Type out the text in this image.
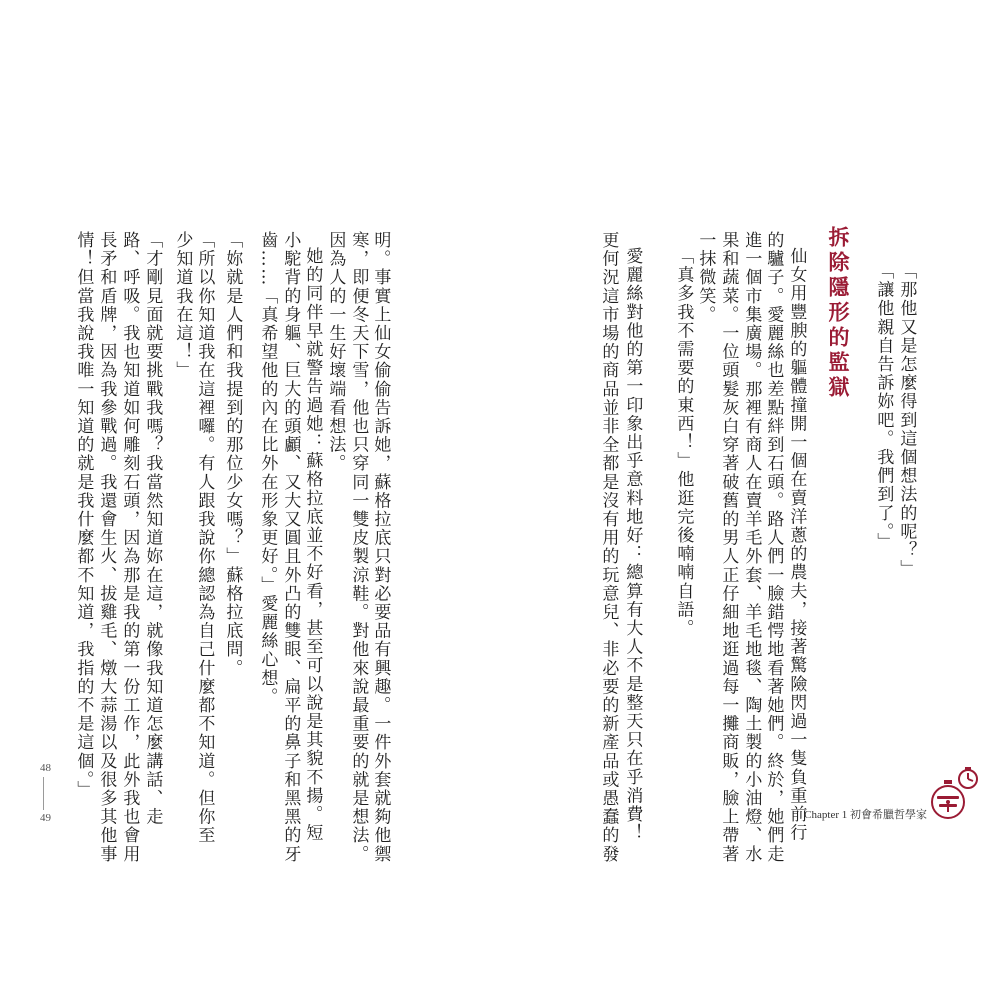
「那他又是怎麼得到這個想法的呢？」
「讓他親自告訴妳吧。我們到了。」
拆除隱形的監獄
仙女用豐腴的軀體撞開一個在賣洋蔥的農夫，接著驚險閃過一隻負重前行
的驢子。愛麗絲也差點絆到石頭。路人們一臉錯愕地看著她們。終於，她們走
進一個市集廣場。那裡有商人在賣羊毛外套、羊毛地毯、陶土製的小油燈、水
果和蔬菜。一位頭髮灰白穿著破舊的男人正仔細地逛過每一攤商販，臉上帶著
一抹微笑。
「真多我不需要的東西！」他逛完後喃喃自語。
愛麗絲對他的第一印象出乎意料地好：總算有大人不是整天只在乎消費！
更何況這市場的商品並非全都是沒有用的玩意兒、非必要的新產品或愚蠢的發
明。事實上仙女偷偷告訴她，蘇格拉底只對必要品有興趣。一件外套就夠他禦
寒，即便冬天下雪，他也只穿同一雙皮製涼鞋。對他來說最重要的就是想法。
因為人的一生好壞端看想法。
她的同伴早就警告過她：蘇格拉底並不好看，甚至可以說是其貌不揚。短
小駝背的身軀、巨大的頭顱、又大又圓且外凸的雙眼、扁平的鼻子和黑黑的牙
齒……「真希望他的內在比外在形象更好。」愛麗絲心想。
「妳就是人們和我提到的那位少女嗎？」蘇格拉底問。
「所以你知道我在這裡囉。有人跟我說你總認為自己什麼都不知道。但你至
少知道我在這！」
「才剛見面就要挑戰我嗎？我當然知道妳在這，就像我知道怎麼講話、走
路、呼吸。我也知道如何雕刻石頭，因為那是我的第一份工作，此外我也會用
長矛和盾牌，因為我參戰過。我還會生火、拔雞毛、燉大蒜湯以及很多其他事
情！但當我說我唯一知道的就是我什麼都不知道，我指的不是這個。」
48
49	Chapter 1 初會希臘哲學家
